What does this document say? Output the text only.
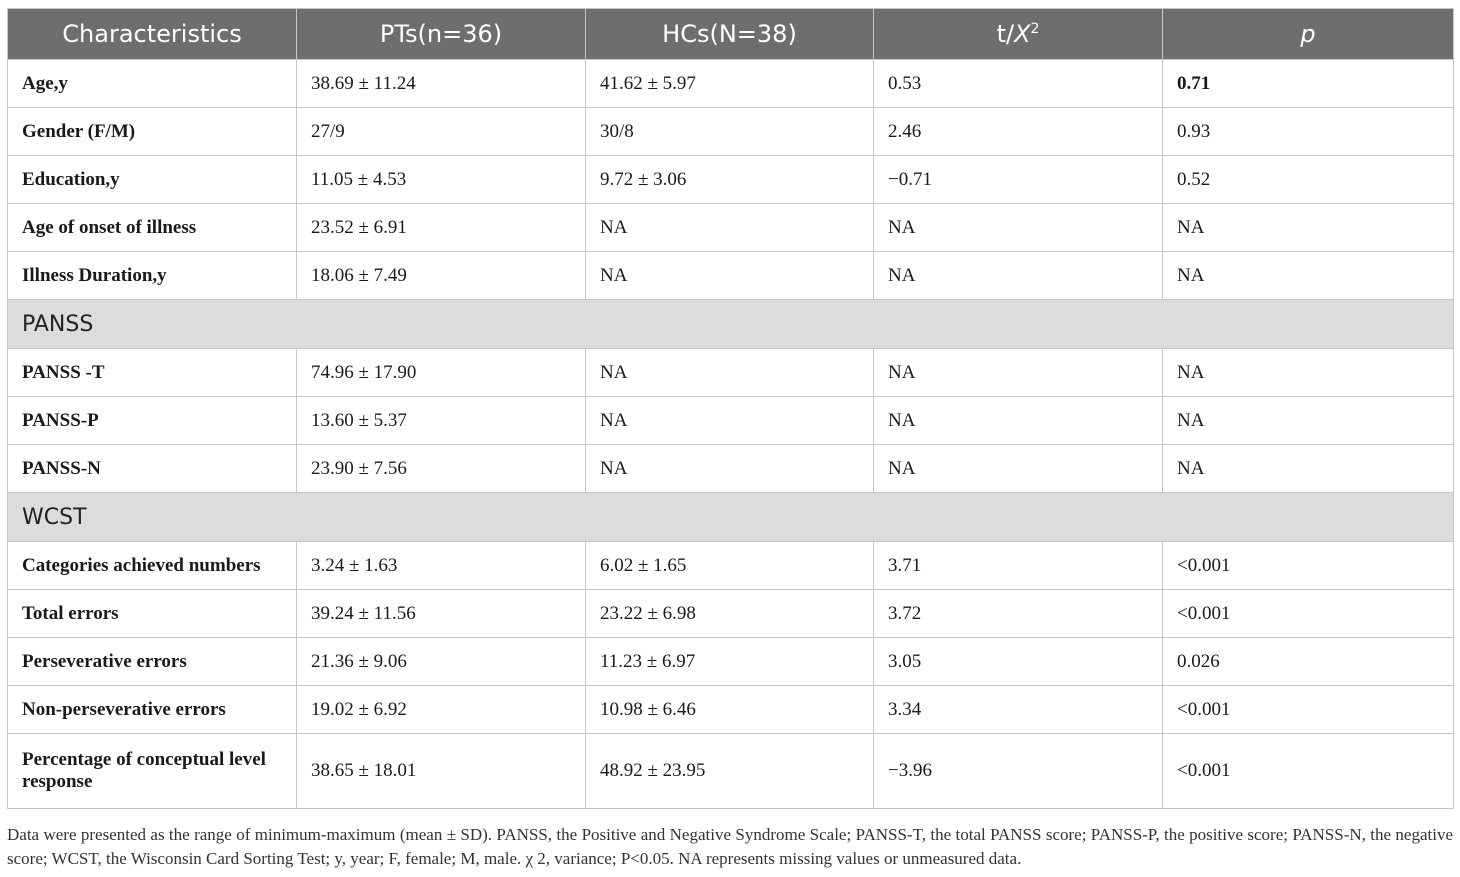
Characteristics	PTs(n=36)	HCs(N=38)	$t/X^2$	p
Age,y	38.69 ± 11.24	41.62 ± 5.97	0.53	0.71
Gender (F/M)	27/9	30/8	2.46	0.93
Education,y	11.05 ± 4.53	9.72 ± 3.06	−0.71	0.52
Age of onset of illness	23.52 ± 6.91	NA	NA	NA
Illness Duration,y	18.06 ± 7.49	NA	NA	NA
PANSS				
PANSS -T	74.96 ± 17.90	NA	NA	NA
PANSS-P	13.60 ± 5.37	NA	NA	NA
PANSS-N	23.90 ± 7.56	NA	NA	NA
WCST				
Categories achieved numbers	3.24 ± 1.63	6.02 ± 1.65	3.71	<0.001
Total errors	39.24 ± 11.56	23.22 ± 6.98	3.72	<0.001
Perseverative errors	21.36 ± 9.06	11.23 ± 6.97	3.05	0.026
Non-perseverative errors	19.02 ± 6.92	10.98 ± 6.46	3.34	<0.001
Percentage of conceptual level response	38.65 ± 18.01	48.92 ± 23.95	−3.96	<0.001
Data were presented as the range of minimum-maximum (mean ± SD). PANSS, the Positive and Negative Syndrome Scale; PANSS-T, the total PANSS score; PANSS-P, the positive score; PANSS-N, the negative score; WCST, the Wisconsin Card Sorting Test; y, year; F, female; M, male. χ 2, variance; P<0.05. NA represents missing values or unmeasured data.
